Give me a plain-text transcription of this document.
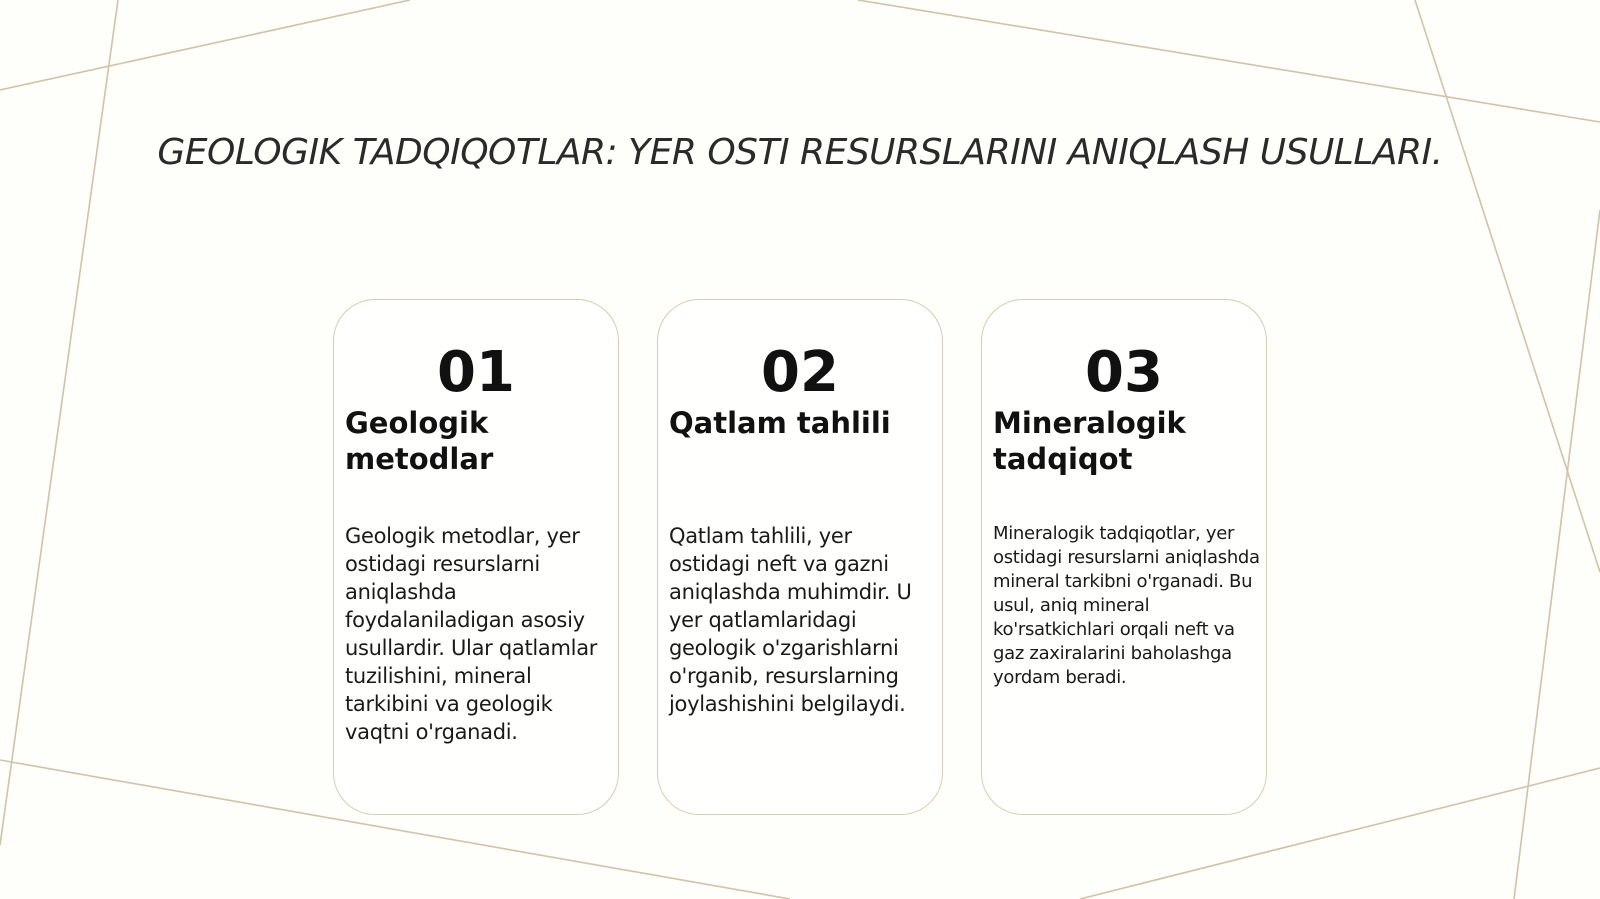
GEOLOGIK TADQIQOTLAR: YER OSTI RESURSLARINI ANIQLASH USULLARI.
01
Geologik metodlar
Geologik metodlar, yer ostidagi resurslarni aniqlashda foydalaniladigan asosiy usullardir. Ular qatlamlar tuzilishini, mineral tarkibini va geologik vaqtni o'rganadi.
02
Qatlam tahlili
Qatlam tahlili, yer ostidagi neft va gazni aniqlashda muhimdir. U yer qatlamlaridagi geologik o'zgarishlarni o'rganib, resurslarning joylashishini belgilaydi.
03
Mineralogik tadqiqot
Mineralogik tadqiqotlar, yer ostidagi resurslarni aniqlashda mineral tarkibni o'rganadi. Bu usul, aniq mineral ko'rsatkichlari orqali neft va gaz zaxiralarini baholashga yordam beradi.
